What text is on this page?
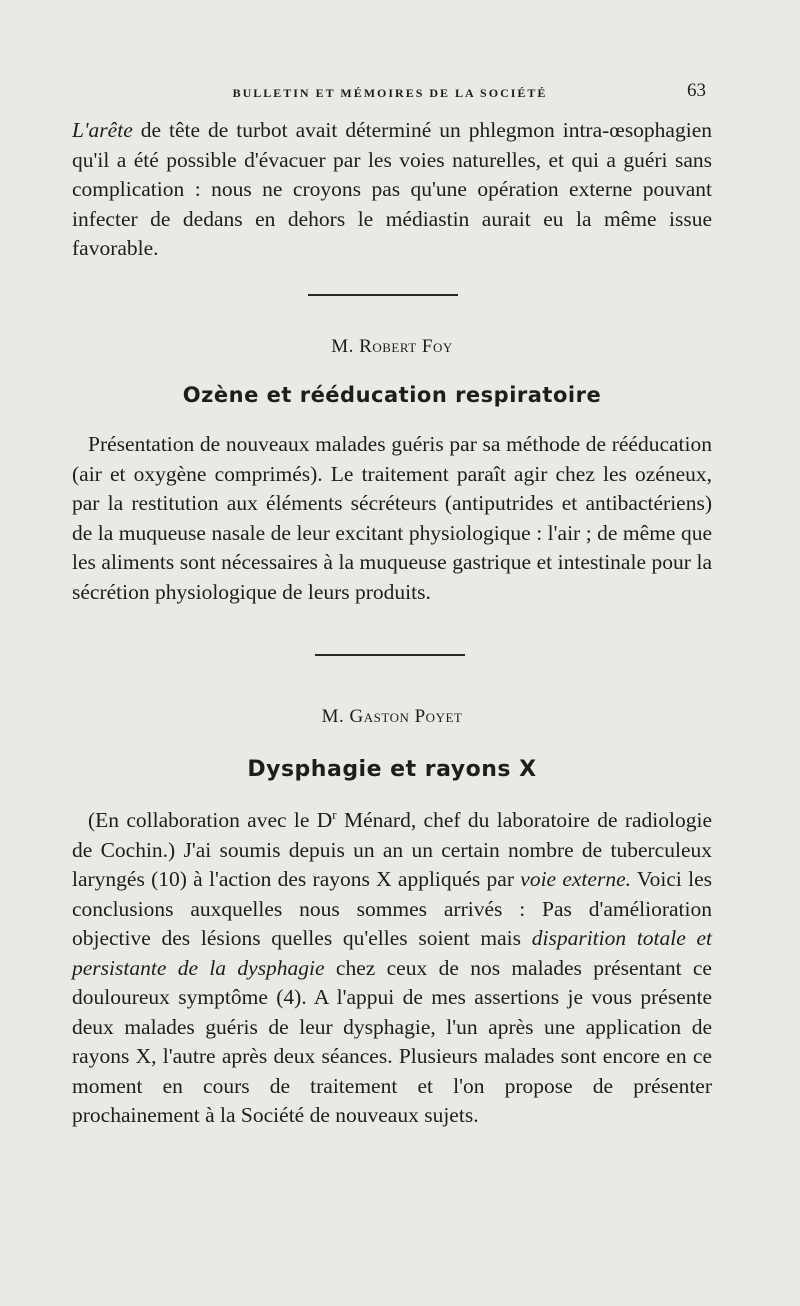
BULLETIN ET MÉMOIRES DE LA SOCIÉTÉ	63

L'arête de tête de turbot avait déterminé un phlegmon intra-œsophagien qu'il a été possible d'évacuer par les voies naturelles, et qui a guéri sans complication : nous ne croyons pas qu'une opération externe pouvant infecter de dedans en dehors le médiastin aurait eu la même issue favorable.

M. Robert Foy
Ozène et rééducation respiratoire

Présentation de nouveaux malades guéris par sa méthode de rééducation (air et oxygène comprimés). Le traitement paraît agir chez les ozéneux, par la restitution aux éléments sécréteurs (antiputrides et antibactériens) de la muqueuse nasale de leur excitant physiologique : l'air ; de même que les aliments sont nécessaires à la muqueuse gastrique et intestinale pour la sécrétion physiologique de leurs produits.

M. Gaston Poyet
Dysphagie et rayons X

(En collaboration avec le $D^r$ Ménard, chef du laboratoire de radiologie de Cochin.) J'ai soumis depuis un an un certain nombre de tuberculeux laryngés (10) à l'action des rayons X appliqués par voie externe. Voici les conclusions auxquelles nous sommes arrivés : Pas d'amélioration objective des lésions quelles qu'elles soient mais disparition totale et persistante de la dysphagie chez ceux de nos malades présentant ce douloureux symptôme (4). A l'appui de mes assertions je vous présente deux malades guéris de leur dysphagie, l'un après une application de rayons X, l'autre après deux séances. Plusieurs malades sont encore en ce moment en cours de traitement et l'on propose de présenter prochainement à la Société de nouveaux sujets.
